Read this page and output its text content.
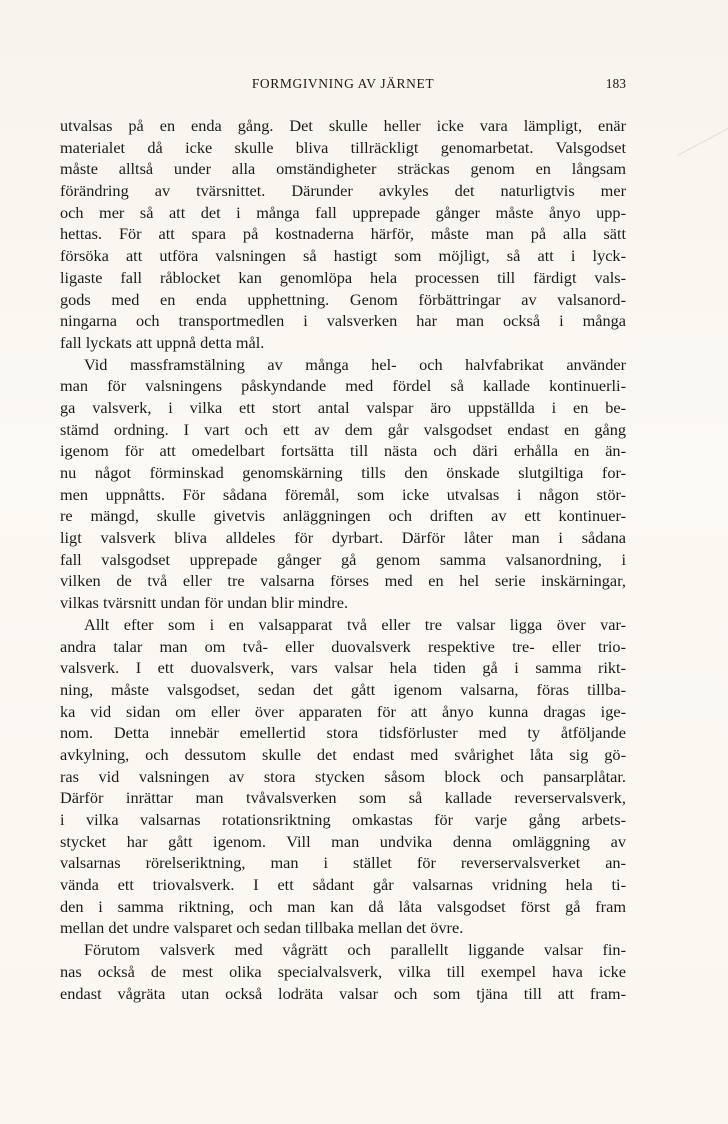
FORMGIVNING AV JÄRNET	183
utvalsas på en enda gång. Det skulle heller icke vara lämpligt, enär
materialet då icke skulle bliva tillräckligt genomarbetat. Valsgodset
måste alltså under alla omständigheter sträckas genom en långsam
förändring av tvärsnittet. Därunder avkyles det naturligtvis mer
och mer så att det i många fall upprepade gånger måste ånyo upp-
hettas. För att spara på kostnaderna härför, måste man på alla sätt
försöka att utföra valsningen så hastigt som möjligt, så att i lyck-
ligaste fall råblocket kan genomlöpa hela processen till färdigt vals-
gods med en enda upphettning. Genom förbättringar av valsanord-
ningarna och transportmedlen i valsverken har man också i många
fall lyckats att uppnå detta mål.
Vid massframstälning av många hel- och halvfabrikat använder
man för valsningens påskyndande med fördel så kallade kontinuerli-
ga valsverk, i vilka ett stort antal valspar äro uppställda i en be-
stämd ordning. I vart och ett av dem går valsgodset endast en gång
igenom för att omedelbart fortsätta till nästa och däri erhålla en än-
nu något förminskad genomskärning tills den önskade slutgiltiga for-
men uppnåtts. För sådana föremål, som icke utvalsas i någon stör-
re mängd, skulle givetvis anläggningen och driften av ett kontinuer-
ligt valsverk bliva alldeles för dyrbart. Därför låter man i sådana
fall valsgodset upprepade gånger gå genom samma valsanordning, i
vilken de två eller tre valsarna förses med en hel serie inskärningar,
vilkas tvärsnitt undan för undan blir mindre.
Allt efter som i en valsapparat två eller tre valsar ligga över var-
andra talar man om två- eller duovalsverk respektive tre- eller trio-
valsverk. I ett duovalsverk, vars valsar hela tiden gå i samma rikt-
ning, måste valsgodset, sedan det gått igenom valsarna, föras tillba-
ka vid sidan om eller över apparaten för att ånyo kunna dragas ige-
nom. Detta innebär emellertid stora tidsförluster med ty åtföljande
avkylning, och dessutom skulle det endast med svårighet låta sig gö-
ras vid valsningen av stora stycken såsom block och pansarplåtar.
Därför inrättar man tvåvalsverken som så kallade reverservalsverk,
i vilka valsarnas rotationsriktning omkastas för varje gång arbets-
stycket har gått igenom. Vill man undvika denna omläggning av
valsarnas rörelseriktning, man i stället för reverservalsverket an-
vända ett triovalsverk. I ett sådant går valsarnas vridning hela ti-
den i samma riktning, och man kan då låta valsgodset först gå fram
mellan det undre valsparet och sedan tillbaka mellan det övre.
Förutom valsverk med vågrätt och parallellt liggande valsar fin-
nas också de mest olika specialvalsverk, vilka till exempel hava icke
endast vågräta utan också lodräta valsar och som tjäna till att fram-
